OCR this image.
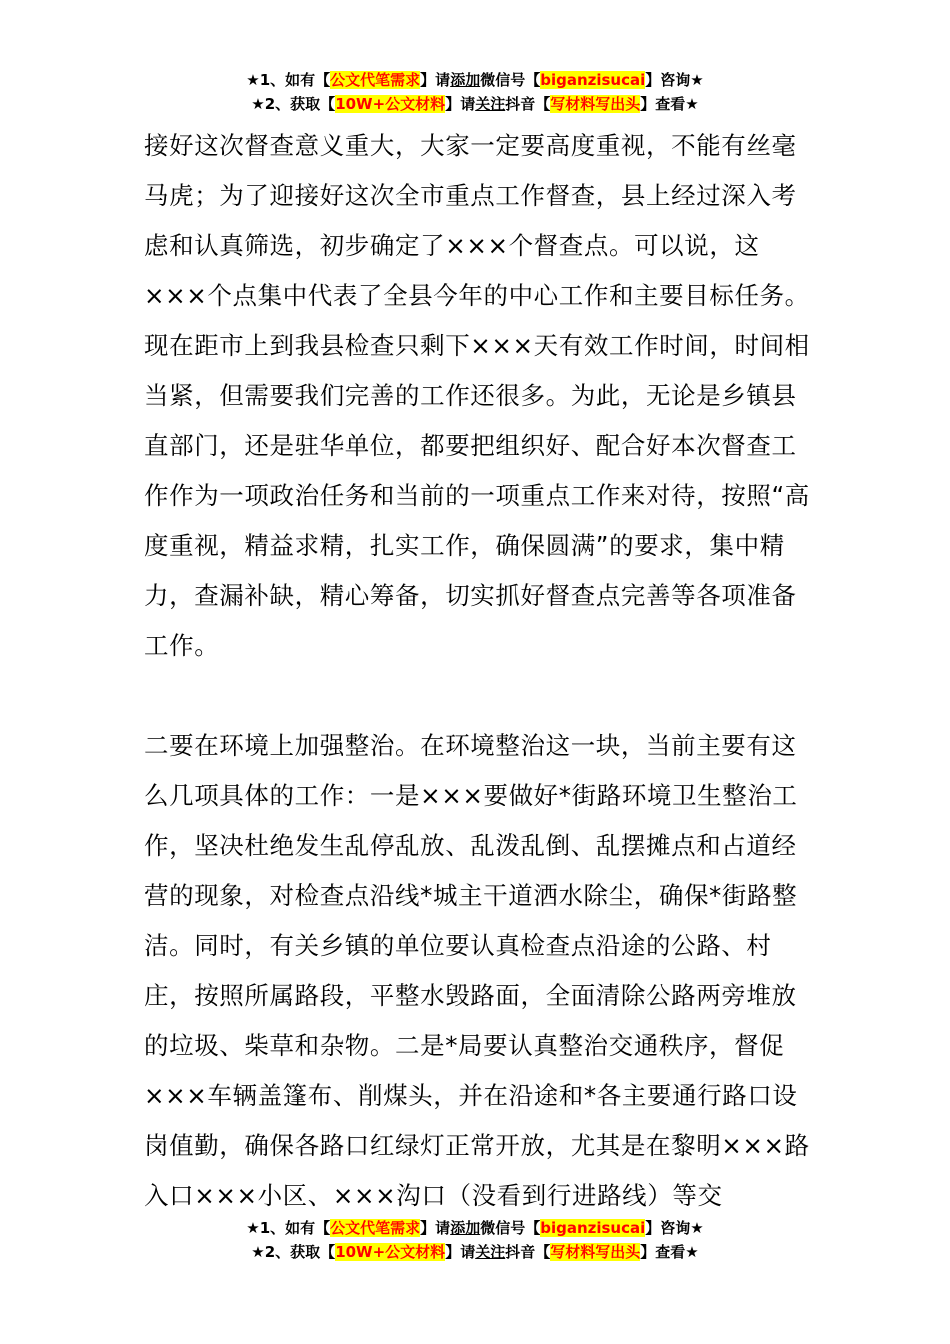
★1、如有【公文代笔需求】请添加微信号【biganzisucai】咨询★
★2、获取【10W+公文材料】请关注抖音【写材料写出头】查看★

接好这次督查意义重大，大家一定要高度重视，不能有丝毫马虎；为了迎接好这次全市重点工作督查，县上经过深入考虑和认真筛选，初步确定了×××个督查点。可以说，这×××个点集中代表了全县今年的中心工作和主要目标任务。现在距市上到我县检查只剩下×××天有效工作时间，时间相当紧，但需要我们完善的工作还很多。为此，无论是乡镇县直部门，还是驻华单位，都要把组织好、配合好本次督查工作作为一项政治任务和当前的一项重点工作来对待，按照“高度重视，精益求精，扎实工作，确保圆满”的要求，集中精力，查漏补缺，精心筹备，切实抓好督查点完善等各项准备工作。

二要在环境上加强整治。在环境整治这一块，当前主要有这么几项具体的工作：一是×××要做好*街路环境卫生整治工作，坚决杜绝发生乱停乱放、乱泼乱倒、乱摆摊点和占道经营的现象，对检查点沿线*城主干道洒水除尘，确保*街路整洁。同时，有关乡镇的单位要认真检查点沿途的公路、村庄，按照所属路段，平整水毁路面，全面清除公路两旁堆放的垃圾、柴草和杂物。二是*局要认真整治交通秩序，督促×××车辆盖篷布、削煤头，并在沿途和*各主要通行路口设岗值勤，确保各路口红绿灯正常开放，尤其是在黎明×××路入口×××小区、×××沟口（没看到行进路线）等交

★1、如有【公文代笔需求】请添加微信号【biganzisucai】咨询★
★2、获取【10W+公文材料】请关注抖音【写材料写出头】查看★
